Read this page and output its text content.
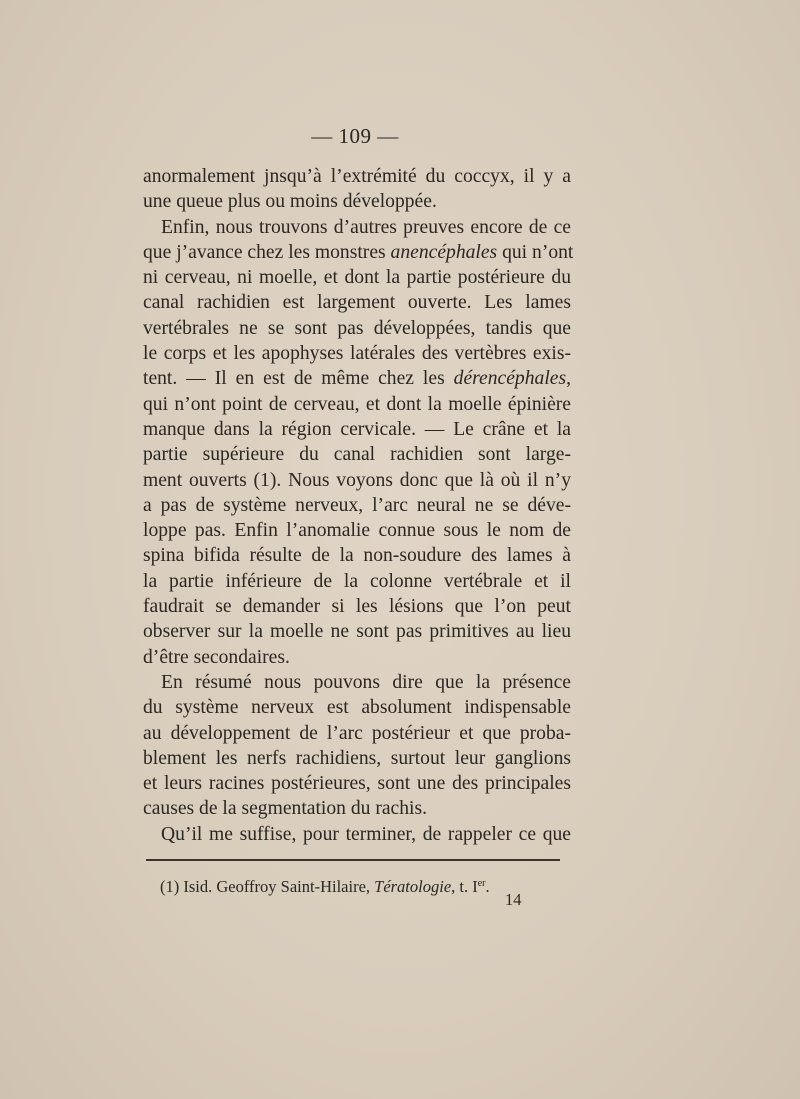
— 109 —
anormalement jnsqu’à l’extrémité du coccyx, il y a
une queue plus ou moins développée.
Enfin, nous trouvons d’autres preuves encore de ce
que j’avance chez les monstres anencéphales qui n’ont
ni cerveau, ni moelle, et dont la partie postérieure du
canal rachidien est largement ouverte. Les lames
vertébrales ne se sont pas développées, tandis que
le corps et les apophyses latérales des vertèbres exis-
tent. — Il en est de même chez les dérencéphales,
qui n’ont point de cerveau, et dont la moelle épinière
manque dans la région cervicale. — Le crâne et la
partie supérieure du canal rachidien sont large-
ment ouverts (1). Nous voyons donc que là où il n’y
a pas de système nerveux, l’arc neural ne se déve-
loppe pas. Enfin l’anomalie connue sous le nom de
spina bifida résulte de la non-soudure des lames à
la partie inférieure de la colonne vertébrale et il
faudrait se demander si les lésions que l’on peut
observer sur la moelle ne sont pas primitives au lieu
d’être secondaires.
En résumé nous pouvons dire que la présence
du système nerveux est absolument indispensable
au développement de l’arc postérieur et que proba-
blement les nerfs rachidiens, surtout leur ganglions
et leurs racines postérieures, sont une des principales
causes de la segmentation du rachis.
Qu’il me suffise, pour terminer, de rappeler ce que
(1) Isid. Geoffroy Saint-Hilaire, Tératologie, t. Ier.
14
